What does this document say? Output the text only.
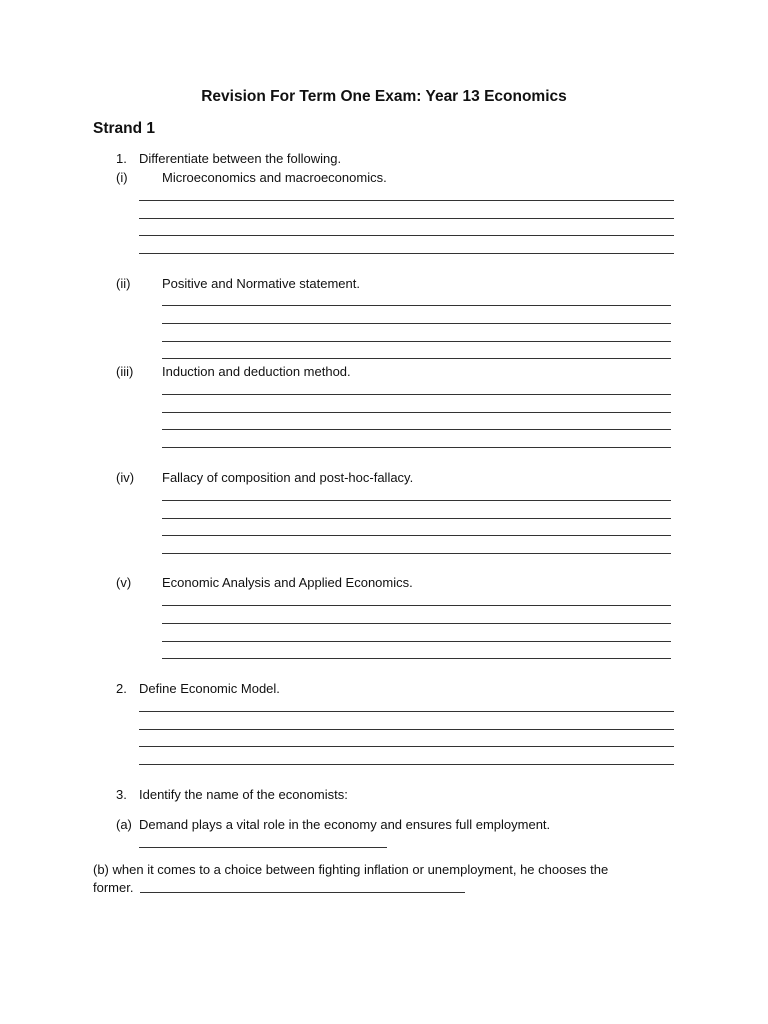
Revision For Term One Exam: Year 13 Economics
Strand 1
1. Differentiate between the following.
(i)	Microeconomics and macroeconomics.
(ii) Positive and Normative statement.
(iii) Induction and deduction method.
(iv) Fallacy of composition and post-hoc-fallacy.
(v) Economic Analysis and Applied Economics.
2. Define Economic Model.
3. Identify the name of the economists:
(a) Demand plays a vital role in the economy and ensures full employment.
(b) when it comes to a choice between fighting inflation or unemployment, he chooses the
former.
